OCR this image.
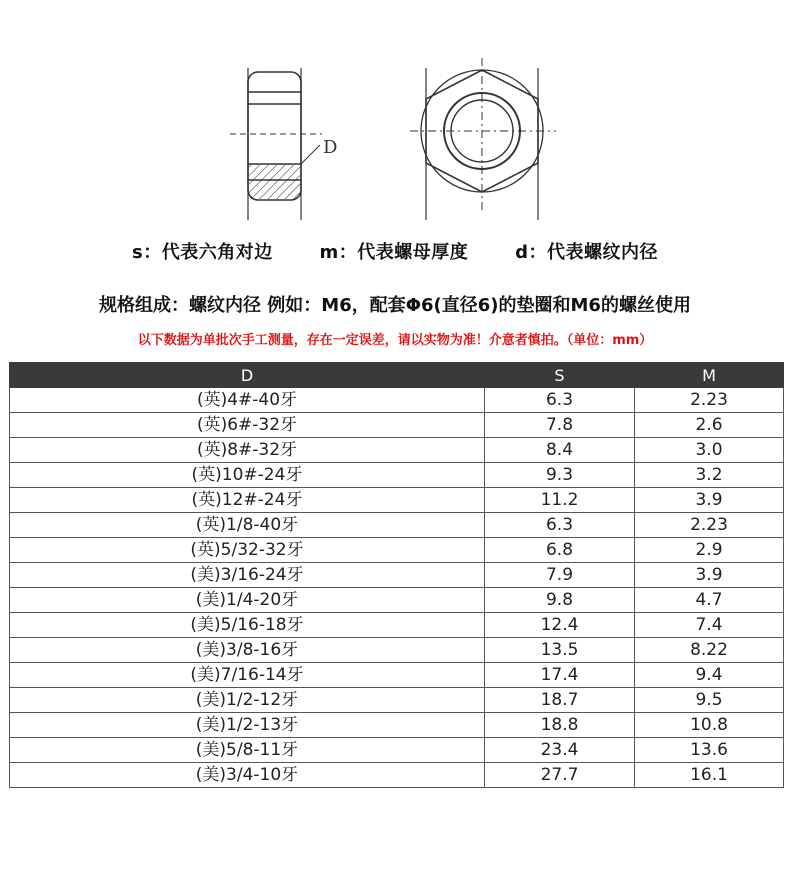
D
s：代表六角对边	m：代表螺母厚度	d：代表螺纹内径
规格组成：螺纹内径 例如：M6，配套Φ6(直径6)的垫圈和M6的螺丝使用
以下数据为单批次手工测量，存在一定误差，请以实物为准！介意者慎拍。（单位：mm）
D	S	M
(英)4#-40牙	6.3	2.23
(英)6#-32牙	7.8	2.6
(英)8#-32牙	8.4	3.0
(英)10#-24牙	9.3	3.2
(英)12#-24牙	11.2	3.9
(英)1/8-40牙	6.3	2.23
(英)5/32-32牙	6.8	2.9
(美)3/16-24牙	7.9	3.9
(美)1/4-20牙	9.8	4.7
(美)5/16-18牙	12.4	7.4
(美)3/8-16牙	13.5	8.22
(美)7/16-14牙	17.4	9.4
(美)1/2-12牙	18.7	9.5
(美)1/2-13牙	18.8	10.8
(美)5/8-11牙	23.4	13.6
(美)3/4-10牙	27.7	16.1
